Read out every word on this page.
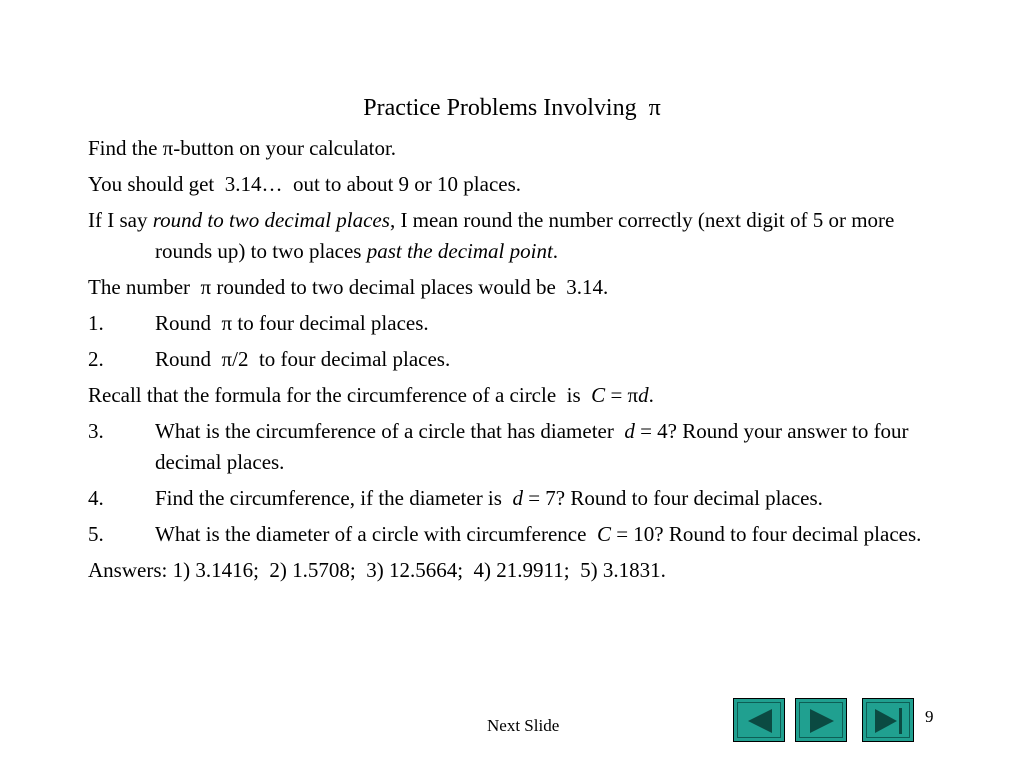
Practice Problems Involving π

Find the π-button on your calculator.

You should get  3.14…  out to about 9 or 10 places.

If I say round to two decimal places, I mean round the number correctly (next digit of 5 or more rounds up) to two places past the decimal point.

The number  π rounded to two decimal places would be  3.14.

1. Round  π to four decimal places.

2. Round  π/2  to four decimal places.

Recall that the formula for the circumference of a circle  is  C = πd.

3. What is the circumference of a circle that has diameter  d = 4? Round your answer to four decimal places.

4. Find the circumference, if the diameter is  d = 7? Round to four decimal places.

5. What is the diameter of a circle with circumference  C = 10? Round to four decimal places.

Answers: 1) 3.1416;  2) 1.5708;  3) 12.5664;  4) 21.9911;  5) 3.1831.

Next Slide	9
